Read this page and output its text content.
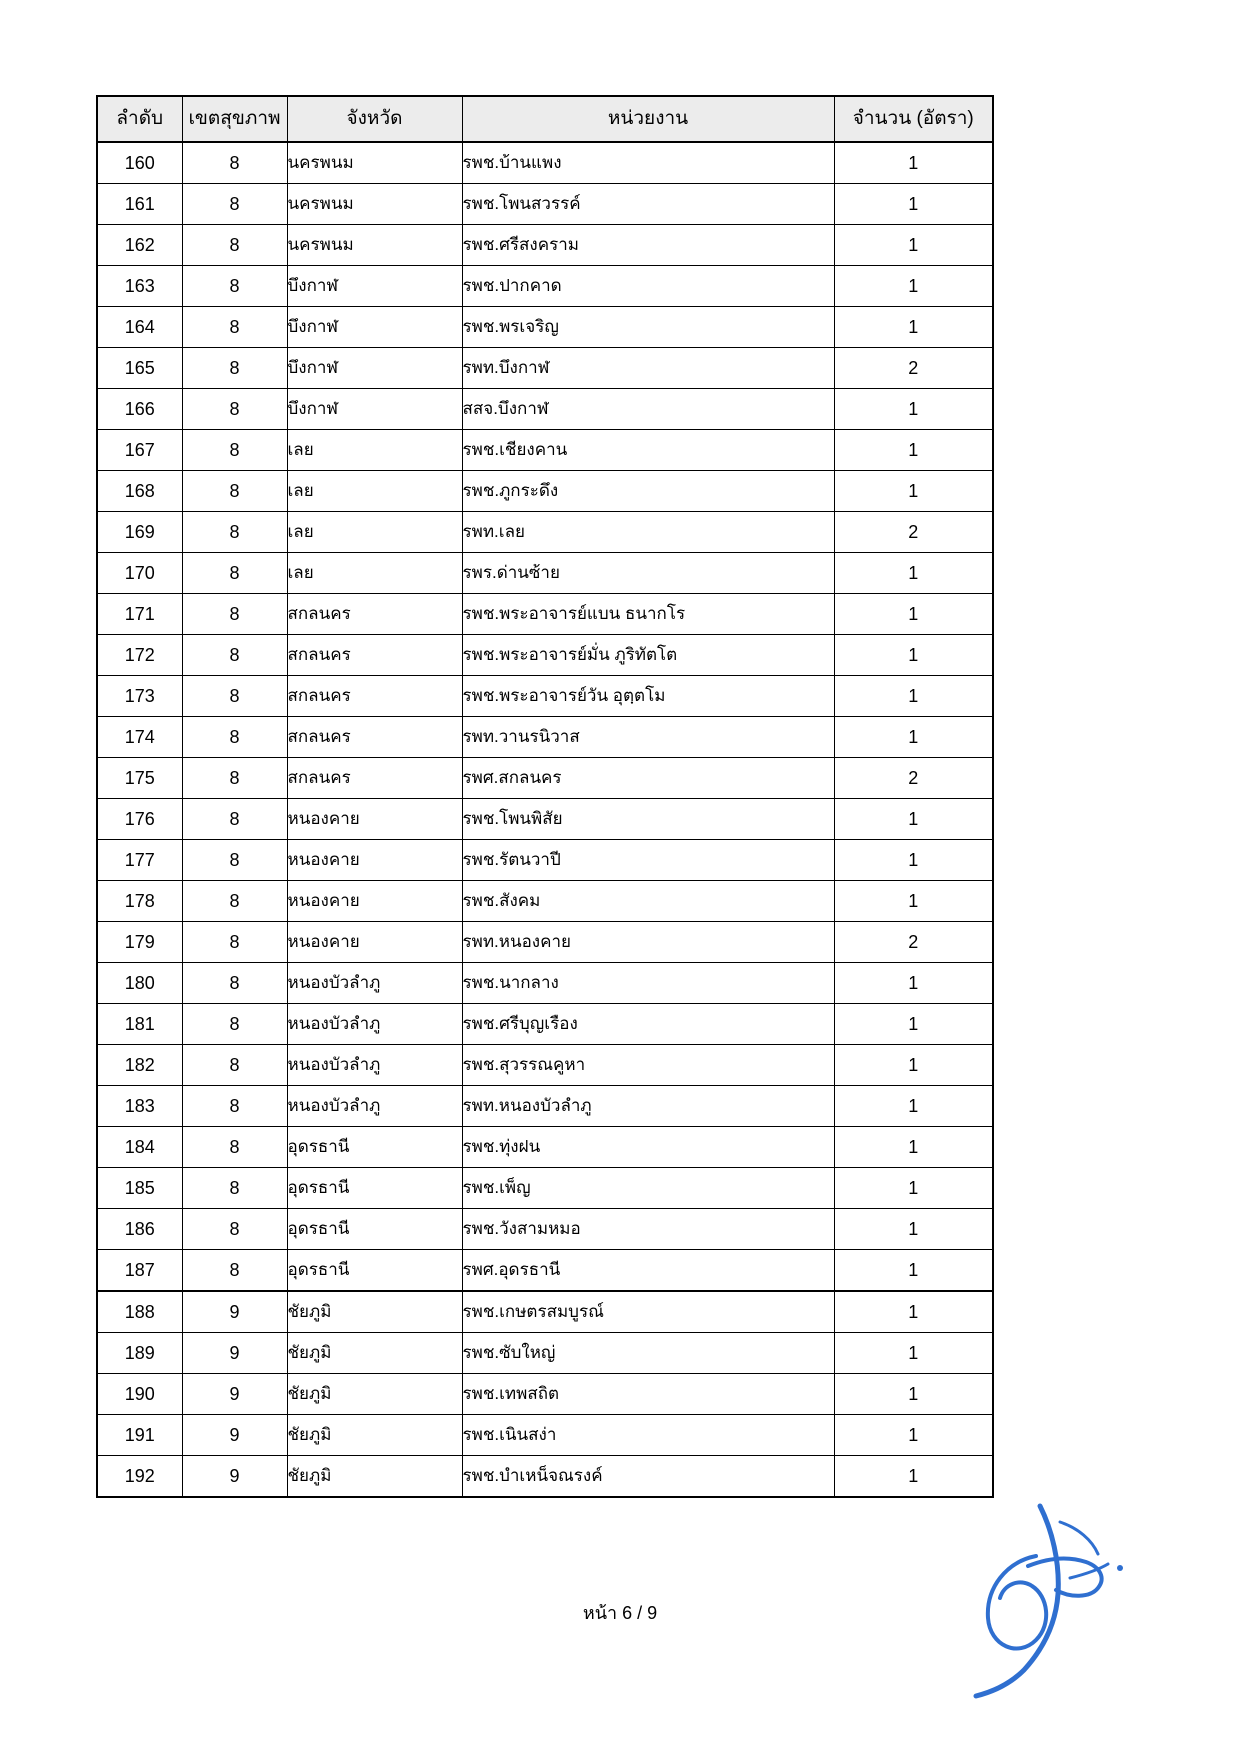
ลำดับ	เขตสุขภาพ	จังหวัด	หน่วยงาน	จำนวน (อัตรา)
160	8	นครพนม	รพช.บ้านแพง	1
161	8	นครพนม	รพช.โพนสวรรค์	1
162	8	นครพนม	รพช.ศรีสงคราม	1
163	8	บึงกาฬ	รพช.ปากคาด	1
164	8	บึงกาฬ	รพช.พรเจริญ	1
165	8	บึงกาฬ	รพท.บึงกาฬ	2
166	8	บึงกาฬ	สสจ.บึงกาฬ	1
167	8	เลย	รพช.เชียงคาน	1
168	8	เลย	รพช.ภูกระดึง	1
169	8	เลย	รพท.เลย	2
170	8	เลย	รพร.ด่านซ้าย	1
171	8	สกลนคร	รพช.พระอาจารย์แบน ธนากโร	1
172	8	สกลนคร	รพช.พระอาจารย์มั่น ภูริทัตโต	1
173	8	สกลนคร	รพช.พระอาจารย์วัน อุตฺตโม	1
174	8	สกลนคร	รพท.วานรนิวาส	1
175	8	สกลนคร	รพศ.สกลนคร	2
176	8	หนองคาย	รพช.โพนพิสัย	1
177	8	หนองคาย	รพช.รัตนวาปี	1
178	8	หนองคาย	รพช.สังคม	1
179	8	หนองคาย	รพท.หนองคาย	2
180	8	หนองบัวลำภู	รพช.นากลาง	1
181	8	หนองบัวลำภู	รพช.ศรีบุญเรือง	1
182	8	หนองบัวลำภู	รพช.สุวรรณคูหา	1
183	8	หนองบัวลำภู	รพท.หนองบัวลำภู	1
184	8	อุดรธานี	รพช.ทุ่งฝน	1
185	8	อุดรธานี	รพช.เพ็ญ	1
186	8	อุดรธานี	รพช.วังสามหมอ	1
187	8	อุดรธานี	รพศ.อุดรธานี	1
188	9	ชัยภูมิ	รพช.เกษตรสมบูรณ์	1
189	9	ชัยภูมิ	รพช.ซับใหญ่	1
190	9	ชัยภูมิ	รพช.เทพสถิต	1
191	9	ชัยภูมิ	รพช.เนินสง่า	1
192	9	ชัยภูมิ	รพช.บำเหน็จณรงค์	1
หน้า 6 / 9
